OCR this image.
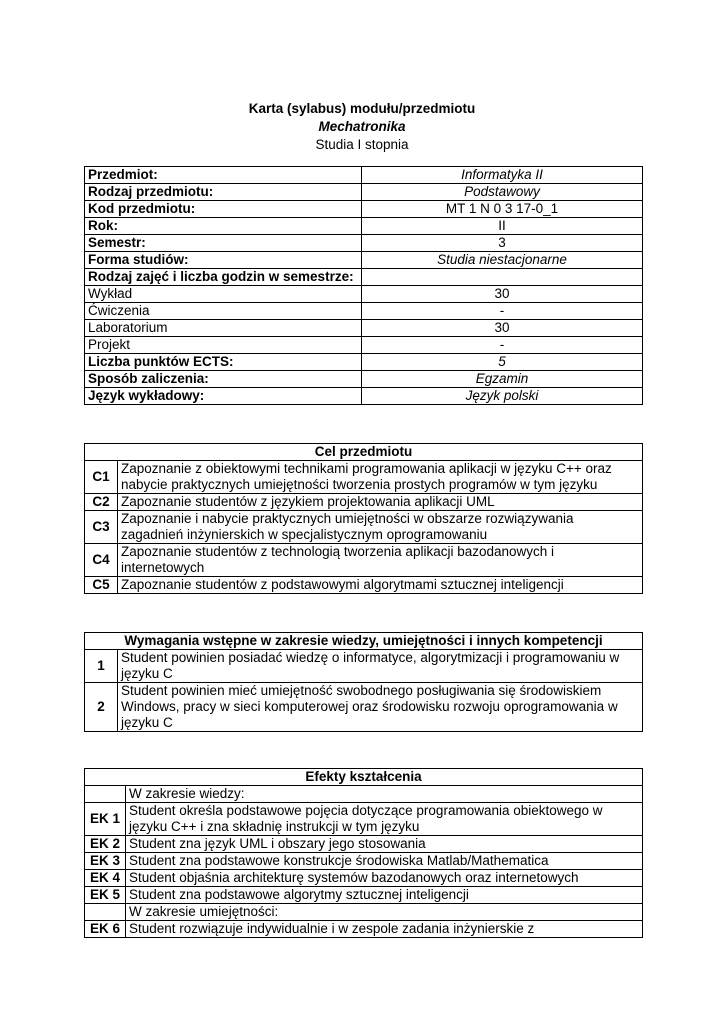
Karta (sylabus) modułu/przedmiotu
Mechatronika
Studia I stopnia
Przedmiot:	Informatyka II
Rodzaj przedmiotu:	Podstawowy
Kod przedmiotu:	MT 1 N 0 3 17-0_1
Rok:	II
Semestr:	3
Forma studiów:	Studia niestacjonarne
Rodzaj zajęć i liczba godzin w semestrze:	
Wykład	30
Ćwiczenia	-
Laboratorium	30
Projekt	-
Liczba punktów ECTS:	5
Sposób zaliczenia:	Egzamin
Język wykładowy:	Język polski
Cel przedmiotu	
C1	Zapoznanie z obiektowymi technikami programowania aplikacji w języku C++ oraz nabycie praktycznych umiejętności tworzenia prostych programów w tym języku
C2	Zapoznanie studentów z językiem projektowania aplikacji UML
C3	Zapoznanie i nabycie praktycznych umiejętności w obszarze rozwiązywania zagadnień inżynierskich w specjalistycznym oprogramowaniu
C4	Zapoznanie studentów z technologią tworzenia aplikacji bazodanowych i internetowych
C5	Zapoznanie studentów z podstawowymi algorytmami sztucznej inteligencji
Wymagania wstępne w zakresie wiedzy, umiejętności i innych kompetencji	
1	Student powinien posiadać wiedzę o informatyce, algorytmizacji i programowaniu w języku C
2	Student powinien mieć umiejętność swobodnego posługiwania się środowiskiem Windows, pracy w sieci komputerowej oraz środowisku rozwoju oprogramowania w języku C
Efekty kształcenia	
	W zakresie wiedzy:
EK 1	Student określa podstawowe pojęcia dotyczące programowania obiektowego w języku C++ i zna składnię instrukcji w tym języku
EK 2	Student zna język UML i obszary jego stosowania
EK 3	Student zna podstawowe konstrukcje środowiska Matlab/Mathematica
EK 4	Student objaśnia architekturę systemów bazodanowych oraz internetowych
EK 5	Student zna podstawowe algorytmy sztucznej inteligencji
	W zakresie umiejętności:
EK 6	Student rozwiązuje indywidualnie i w zespole zadania inżynierskie z
